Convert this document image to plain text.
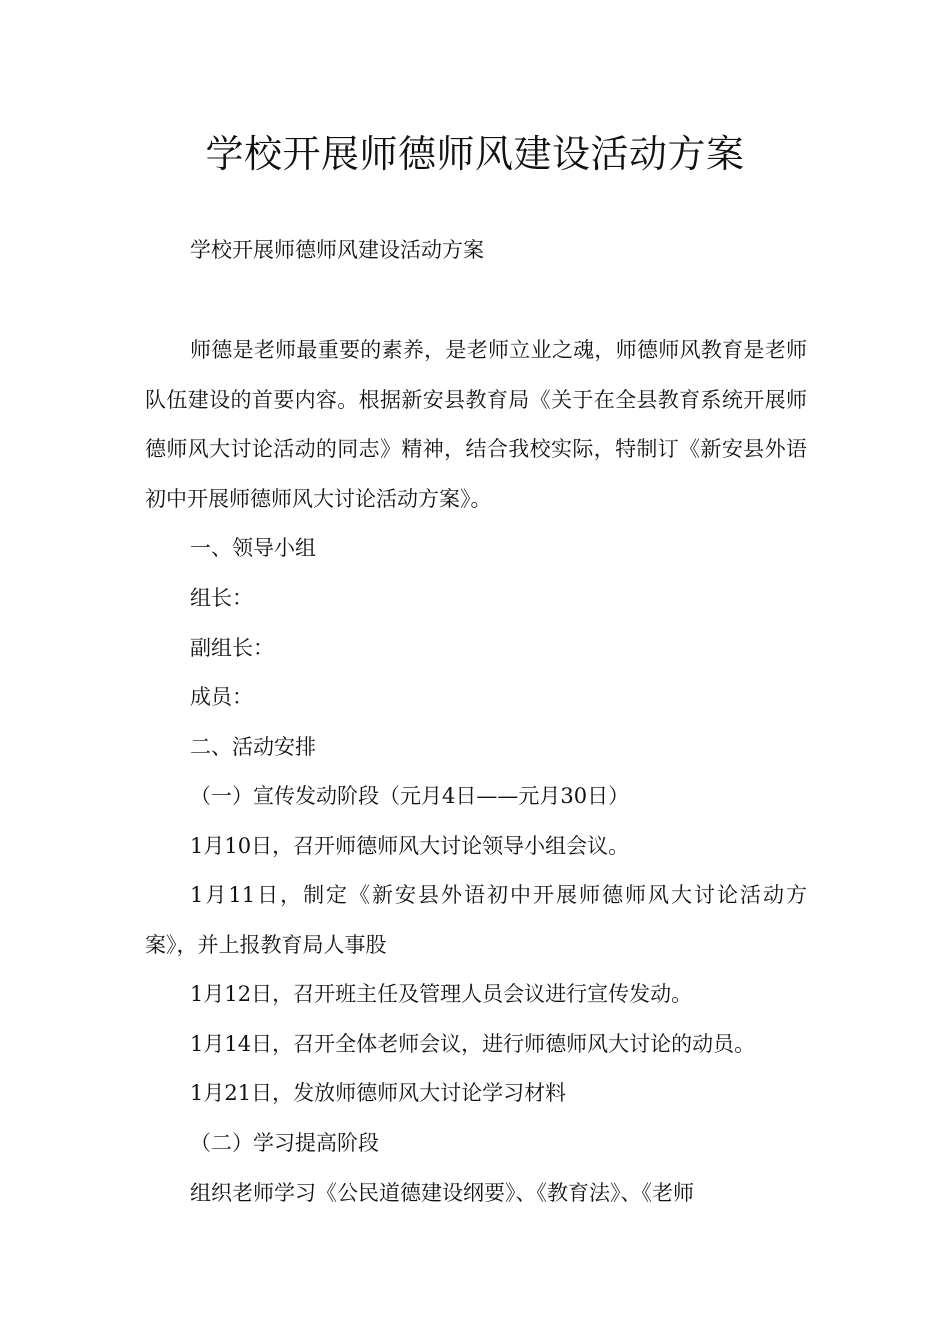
学校开展师德师风建设活动方案

学校开展师德师风建设活动方案

师德是老师最重要的素养，是老师立业之魂，师德师风教育是老师队伍建设的首要内容。根据新安县教育局《关于在全县教育系统开展师德师风大讨论活动的同志》精神，结合我校实际，特制订《新安县外语初中开展师德师风大讨论活动方案》。

一、领导小组

组长：

副组长：

成员：

二、活动安排

（一）宣传发动阶段（元月4日——元月30日）

1月10日，召开师德师风大讨论领导小组会议。

1月11日，制定《新安县外语初中开展师德师风大讨论活动方案》，并上报教育局人事股

1月12日，召开班主任及管理人员会议进行宣传发动。

1月14日，召开全体老师会议，进行师德师风大讨论的动员。

1月21日，发放师德师风大讨论学习材料

（二）学习提高阶段

组织老师学习《公民道德建设纲要》、《教育法》、《老师
